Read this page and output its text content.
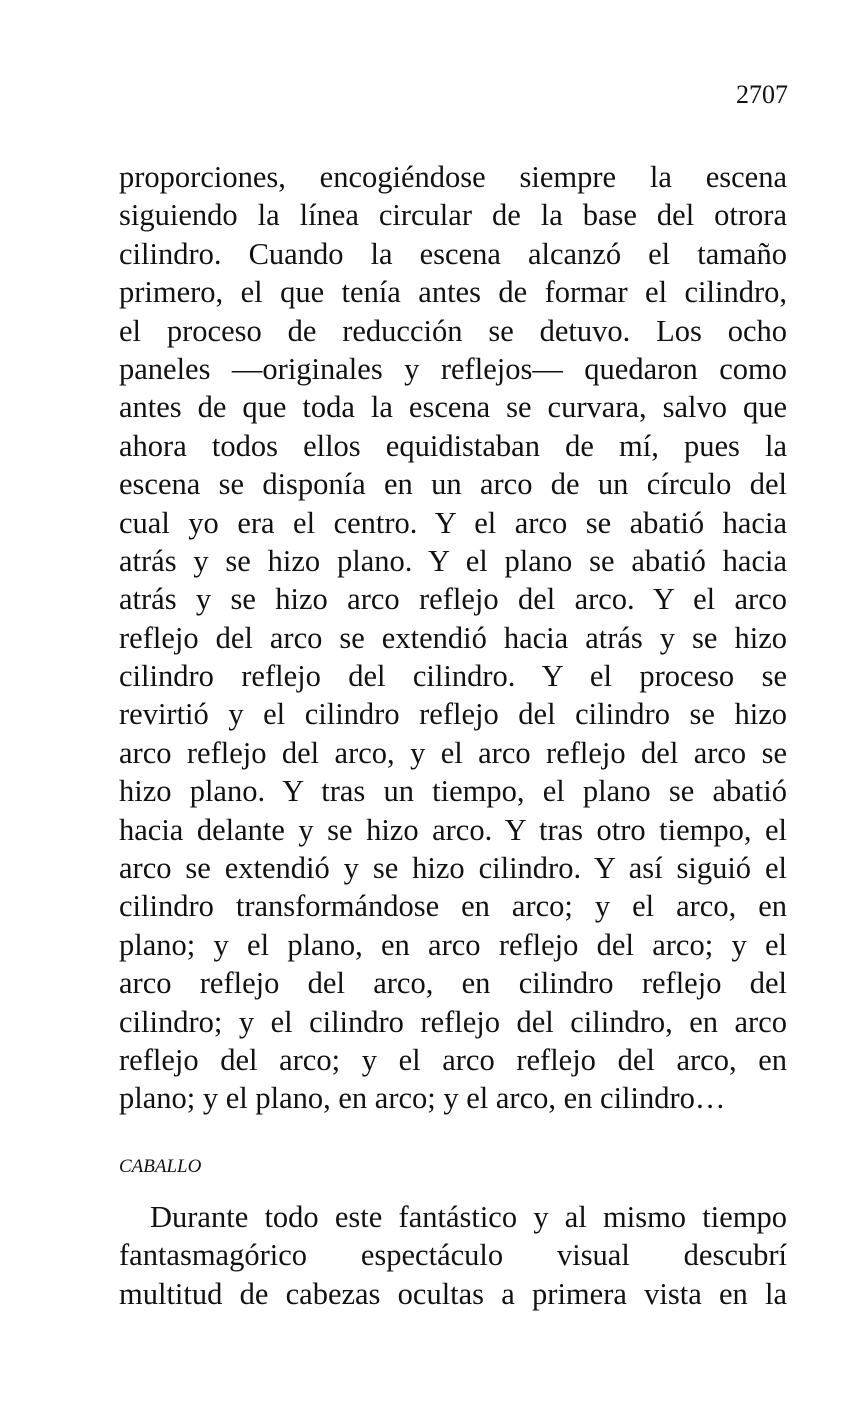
2707
proporciones, encogiéndose siempre la escena
siguiendo la línea circular de la base del otrora
cilindro. Cuando la escena alcanzó el tamaño
primero, el que tenía antes de formar el cilindro,
el proceso de reducción se detuvo. Los ocho
paneles —originales y reflejos— quedaron como
antes de que toda la escena se curvara, salvo que
ahora todos ellos equidistaban de mí, pues la
escena se disponía en un arco de un círculo del
cual yo era el centro. Y el arco se abatió hacia
atrás y se hizo plano. Y el plano se abatió hacia
atrás y se hizo arco reflejo del arco. Y el arco
reflejo del arco se extendió hacia atrás y se hizo
cilindro reflejo del cilindro. Y el proceso se
revirtió y el cilindro reflejo del cilindro se hizo
arco reflejo del arco, y el arco reflejo del arco se
hizo plano. Y tras un tiempo, el plano se abatió
hacia delante y se hizo arco. Y tras otro tiempo, el
arco se extendió y se hizo cilindro. Y así siguió el
cilindro transformándose en arco; y el arco, en
plano; y el plano, en arco reflejo del arco; y el
arco reflejo del arco, en cilindro reflejo del
cilindro; y el cilindro reflejo del cilindro, en arco
reflejo del arco; y el arco reflejo del arco, en
plano; y el plano, en arco; y el arco, en cilindro…
CABALLO
Durante todo este fantástico y al mismo tiempo
fantasmagórico espectáculo visual descubrí
multitud de cabezas ocultas a primera vista en la
